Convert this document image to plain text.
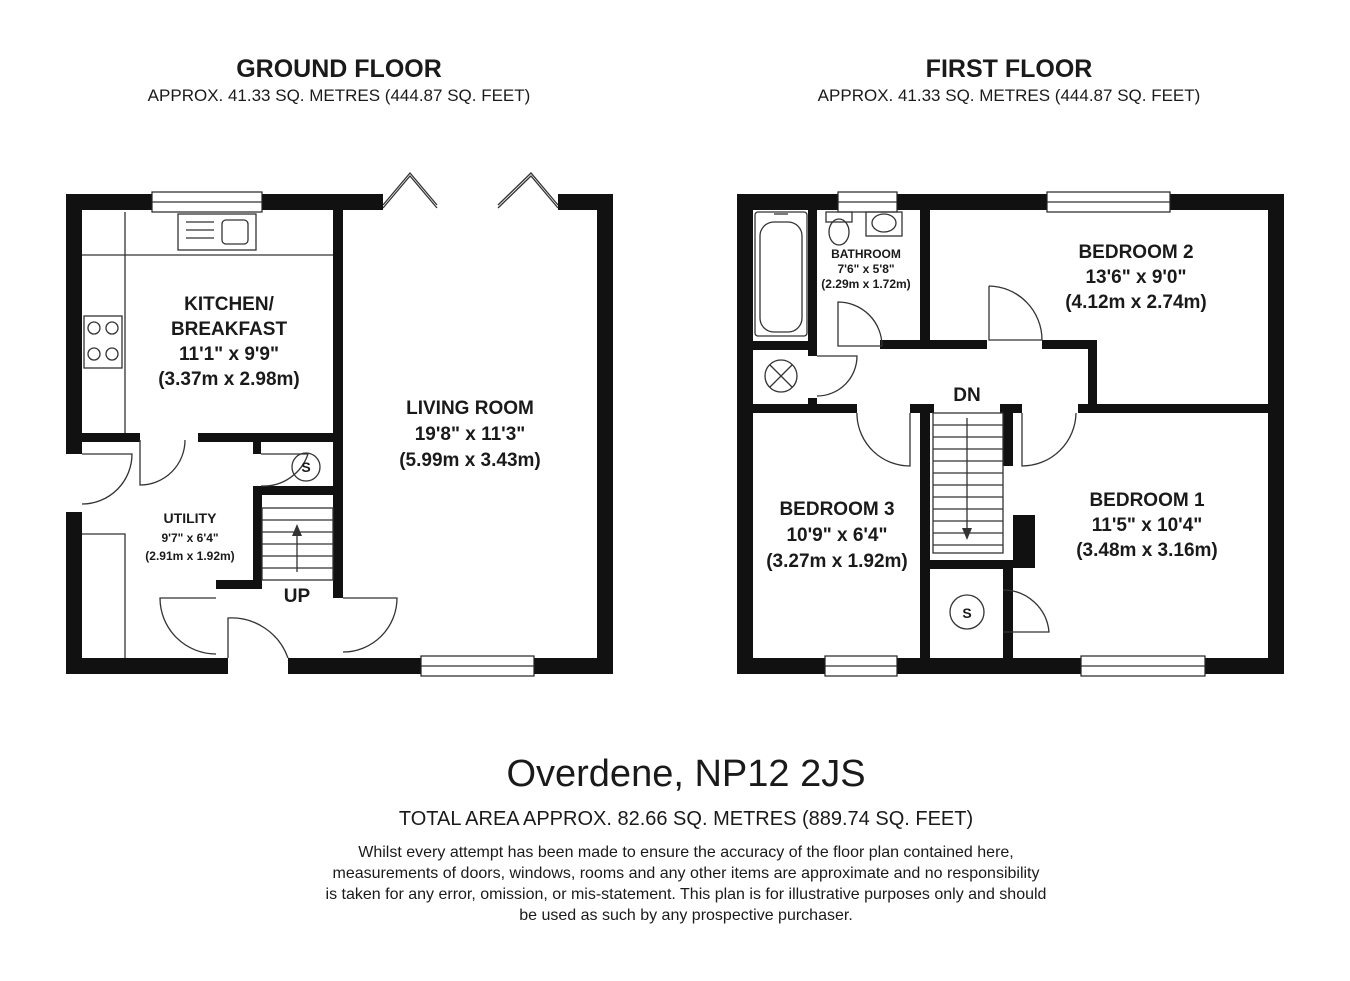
GROUND FLOOR
APPROX. 41.33 SQ. METRES (444.87 SQ. FEET)
FIRST FLOOR
APPROX. 41.33 SQ. METRES (444.87 SQ. FEET)
UP
S
KITCHEN/
BREAKFAST
11'1" x 9'9"
(3.37m x 2.98m)
LIVING ROOM
19'8" x 11'3"
(5.99m x 3.43m)
UTILITY
9'7" x 6'4"
(2.91m x 1.92m)
DN
S
BATHROOM
7'6" x 5'8"
(2.29m x 1.72m)
BEDROOM 2
13'6" x 9'0"
(4.12m x 2.74m)
BEDROOM 3
10'9" x 6'4"
(3.27m x 1.92m)
BEDROOM 1
11'5" x 10'4"
(3.48m x 3.16m)
Overdene, NP12 2JS
TOTAL AREA APPROX. 82.66 SQ. METRES (889.74 SQ. FEET)
Whilst every attempt has been made to ensure the accuracy of the floor plan contained here,
measurements of doors, windows, rooms and any other items are approximate and no responsibility
is taken for any error, omission, or mis-statement. This plan is for illustrative purposes only and should
be used as such by any prospective purchaser.
